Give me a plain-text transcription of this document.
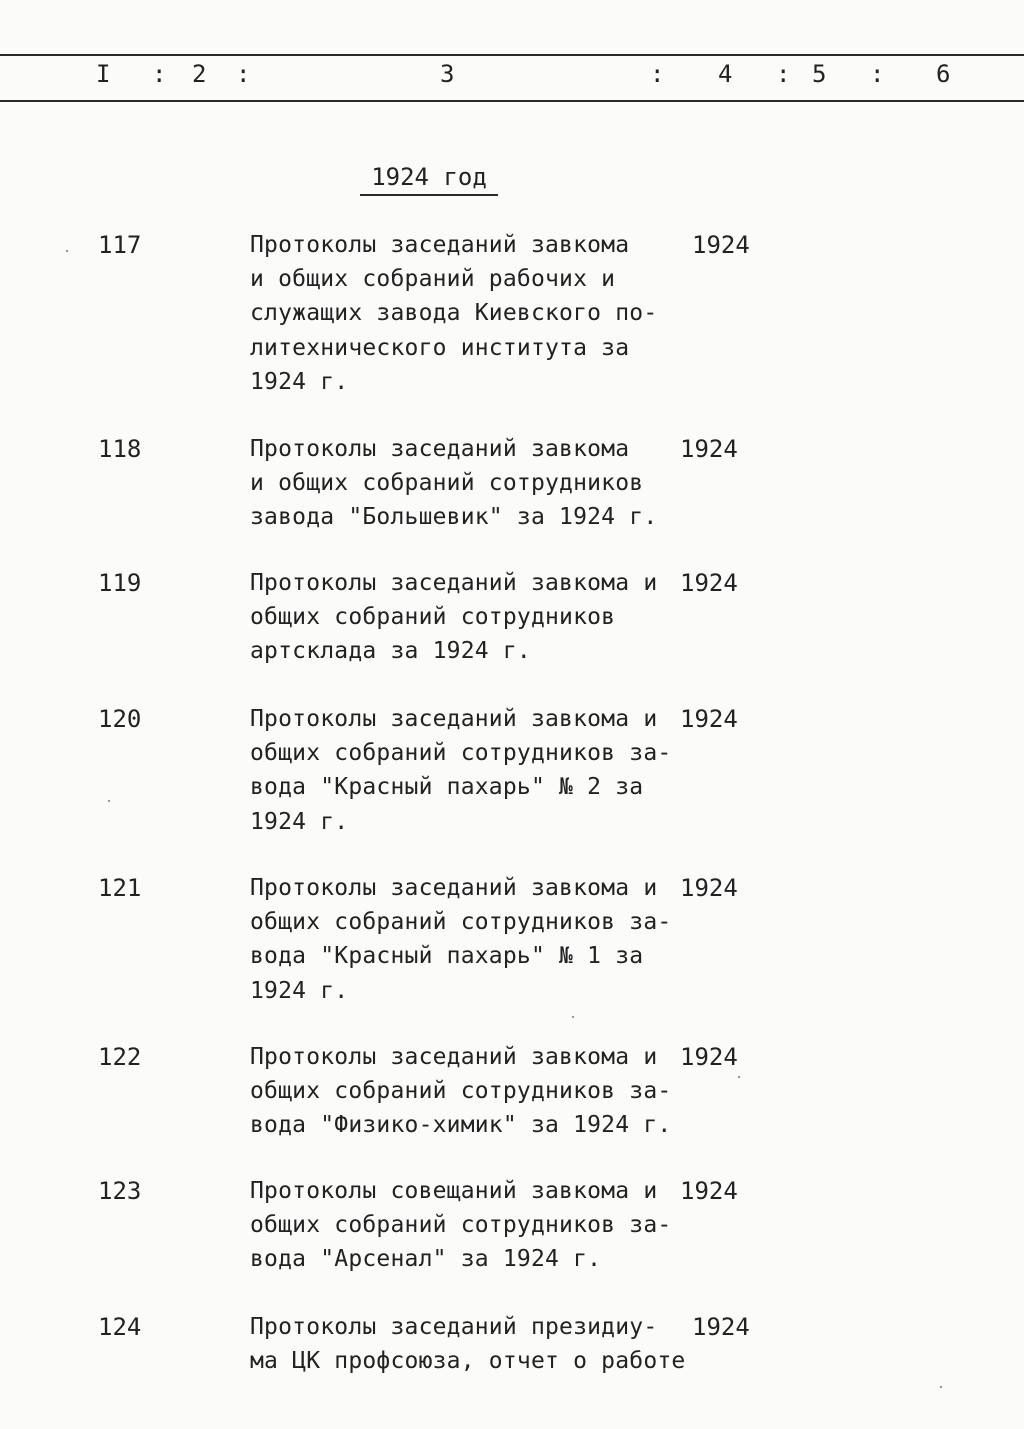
I : 2 :	3	: 4 : 5 : 6
1924 год
117	Протоколы заседаний завкома
и общих собраний рабочих и
служащих завода Киевского по-
литехнического института за
1924 г.
1924
118	Протоколы заседаний завкома
и общих собраний сотрудников
завода "Большевик" за 1924 г.
1924
119	Протоколы заседаний завкома и
общих собраний сотрудников
артсклада за 1924 г.
1924
120	Протоколы заседаний завкома и
общих собраний сотрудников за-
вода "Красный пахарь" № 2 за
1924 г.
1924
121	Протоколы заседаний завкома и
общих собраний сотрудников за-
вода "Красный пахарь" № 1 за
1924 г.
1924
122	Протоколы заседаний завкома и
общих собраний сотрудников за-
вода "Физико-химик" за 1924 г.
1924
123	Протоколы совещаний завкома и
общих собраний сотрудников за-
вода "Арсенал" за 1924 г.
1924
124	Протоколы заседаний президиу-
ма ЦК профсоюза, отчет о работе
1924
